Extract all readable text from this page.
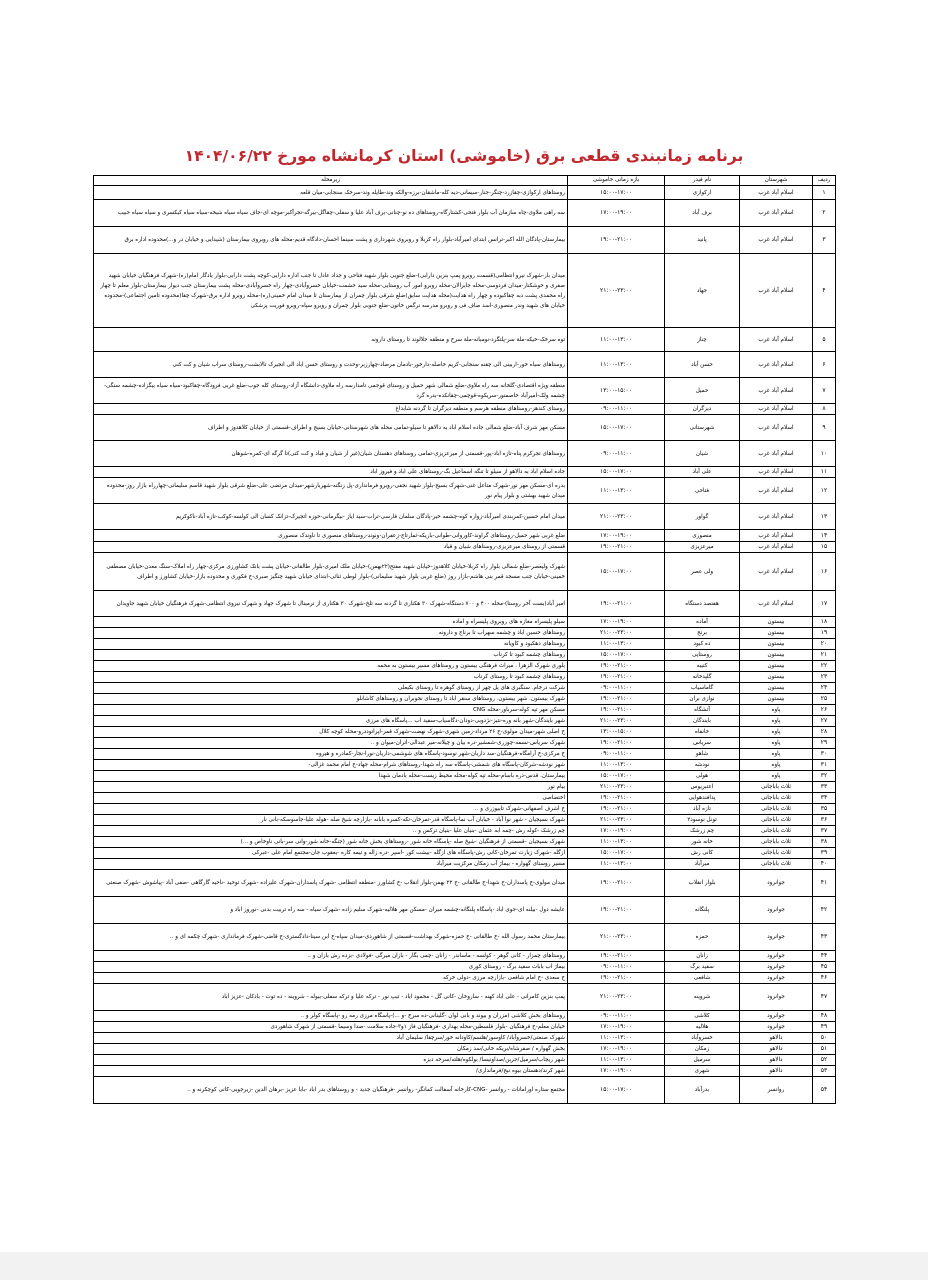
برنامه زمانبندی قطعی برق (خاموشی) استان کرمانشاه مورخ ۱۴۰۴/۰۶/۲۲
ردیف	شهرستان	نام فیدر	بازه زمانی خاموشی	زیرمحله
۱	اسلام آباد غرب	ارکوازی	۱۵:۰۰-۱۷:۰۰	روستاهای ارکوازی-چقازرد-چنگر-جنار-سیمانی-دیه کله-ماشقان-برزه-والکه وند-طایله وند-سرخک سنجابی-میان قلعه
۲	اسلام آباد غرب	برف آباد	۱۷:۰۰-۱۹:۰۰	سه راهی ملاوی-چاه سازمان آب بلوار فتحی-کشتارگاه-روستاهای ده نو-چنانی-برف آباد علیا و سفلی-چقاگل-بیرگه-تجرآکبر-موچه ای-جاف سیاه سیاه شیخه-سیاه سیاه کیکسری و سیاه سیاه حبیب
۳	اسلام آباد غرب	پانید	۱۹:۰۰-۲۱:۰۰	بیمارستان-پادگان الله اکبر-ترانس ابتدای امیرآباد-بلوار راه کربلا و روبروی شهرداری و پشت سینما احسان-دادگاه قدیم-محله های روبروی بیمارستان (شیدایی و خیابان در و...)محدوده اداره برق
۴	اسلام آباد غرب	جهاد	۲۱:۰۰-۲۳:۰۰	میدان بار-شهرک نیرو انتظامی(قسمت روبرو پمپ بنزین دارابی)-ضلع جنوبی بلوار شهید فتاحی و جداد عادل تا جنب اداره دارایی-کوچه پشت دارابی-بلوار یادگار امام(ره)-شهرک فرهنگیان خیابان شهید صفری و خوشکنار-میدان فردوسی-محله جابرالان-محله روبرو امور آب روستایی-محله سید حشمت-خیابان خسروآبادی-چهار راه خسروآبادی-محله پشت بیمارستان جنب دیوار بیمارستان-بلوار معلم تا چهار راه محمدی پشت دبه چقاکبوده و چهار راه هدایت(محله هدایت سابق)ضلع شرقی بلوار چمران از بیمارستان تا میدان امام خمینی(ره)-محله روبرو اداره برق-شهرک چقا(محدوده تامین اجتماعی)-محدوده خیابان های شهید وندر منصوری-اسد صاف فی و روبرو مدرسه نرگس خاتون-ضلع جنوبی بلوار چمران و روبرو سپاه-روبرو فوریت پزشکی
۵	اسلام آباد غرب	چناز	۱۱:۰۰-۱۳:۰۰	توه سرخک-خیکه-ملة سر-پلتگرد-نومبانه-ملة سرخ و منطقه جلالوند تا روستای دارونه
۶	اسلام آباد غرب	حسن آباد	۱۱:۰۰-۱۳:۰۰	روستاهای سیاه خور-اربینی الی چقنه سنجابی-کریم خاصله-دارخور-بادمان مرصاد-چهارزبر-وحدت و روستای حسن اباد الی انجیرک تالابشت-روستای سراب شیان و کت کنی
۷	اسلام آباد غرب	حمیل	۱۳:۰۰-۱۵:۰۰	منطقه ویژه اقتصادی-گلخانه سه راه ملاوی-ضلع شمالی شهر حمیل و روستای قوجمی تامدارسه راه ملاوی-دانشگاه آزاد-روستای کله جوب-ضلع غربی فرودگاه-چقاکبود-سیاه سیاه بیگزاده-چشمه سنگی-چشمه ولک-امیرآباد خاصمنور-سریکوه-قوچمی-چقانکده-بدره گرد
۸	اسلام آباد غرب	دیزگران	۰۹:۰۰-۱۱:۰۰	روستای کندهر-روستاهای منطقه هرسم و منطقه دیزگران تا گردنه شابداغ
۹	اسلام آباد غرب	شهرستانی	۱۵:۰۰-۱۷:۰۰	مسکن مهر شرف آباد-ضلع شمالی جاده اسلام اباد به دالاهو تا سیلو-تمامی محله های شهرستانی-خیابان بسیج و اطراف-قسمتی از خیابان کلاهدوز و اطراف
۱۰	اسلام آباد غرب	شیان	۰۹:۰۰-۱۱:۰۰	روستاهای تجرکرم پناه-تازه اباد-پور-قسمتی از میرعزیزی-تمامی روستاهای دهستان شیان(غیر از شیان و قباد و کت کنی)تا گرگه ای-کمره-شوهان
۱۱	اسلام آباد غرب	علی آباد	۱۵:۰۰-۱۷:۰۰	جاده اسلام اباد به دالاهو از سیلو تا تنگه اسماعیل بگ-روستاهای علی اباد و فیروز اباد
۱۲	اسلام آباد غرب	فتاحی	۱۱:۰۰-۱۳:۰۰	بدره ای-مسکن مهر نور-شهرک متاعل غنی-شهرک بسیج-بلوار شهید نجفی-روبرو فرمانداری-پل زنگنه-شهربارشهر-میدان مرتضی علی-ضلع شرقی بلوار شهید قاسم سلیمانی-چهارراه بازار روز-محدوده میدان شهید بهشتی و بلوار پیام نور
۱۳	اسلام آباد غرب	گواور	۲۱:۰۰-۲۳:۰۰	میدان امام حسین-کمربندی امیرآباد-زواره کوه-چشمه خیر-پادگان سلمان فارسی-تراب-سید ایاز -بیگرمانی-حوزه اتجیرک-تزانک کسان الی کولسه-کوکب-تازه آباد-ناکوکریم
۱۴	اسلام آباد غرب	منصوری	۱۷:۰۰-۱۹:۰۰	ضلع غربی شهر حمیل-روستاهای گراوند-کاوروانی-طوانی-باریکه-ثمارتاج-زعفران-ونوند-روستاهای منصوری تا ناوندک منصوری
۱۵	اسلام آباد غرب	میرعزیزی	۱۹:۰۰-۲۱:۰۰	قسمتی از روستای میرعزیزی-روستاهای شیان و قباد
۱۶	اسلام آباد غرب	ولی عصر	۱۵:۰۰-۱۷:۰۰	شهرک ولیعصر-ضلع شمالی بلوار راه کربلا-خیابان کلاهدوز-خیابان شهید مفتح(۲۲بهمن)-خیابان ملک امیری-بلوار طالقانی-خیابان پشت بانک کشاورزی مرکزی-چهار راه املاک-سنگ معدن-خیابان مصطفی خمینی-خیابان جنب مسجد قمر بنی هاشم-بازار روز (ضلع غربی بلوار شهید سلیمانی)-بلوار لوطی ثنائی-ابتدای خیابان شهید چنگیز صبری-خ فکوری و محدوده بازار-خیابان کشاورز و اطراف
۱۷	اسلام آباد غرب	هفتصد دستگاه	۱۹:۰۰-۲۱:۰۰	امیر آباد(بست آخر روستا)-محله ۴۰۰ و ۷۰۰ دستگاه-شهرک ۳۰ هکتاری تا گردنه سه تلخ-شهرک ۳۰ هکتاری از ترمینال تا شهرک جهاد و شهرک نیروی انتظامی-شهرک فرهنگیان خیابان شهید جاویدان
۱۸	بیستون	آماده	۱۷:۰۰-۱۹:۰۰	سیلو پلیسراه مغازه های روبروی پلیسراه و اماده
۱۹	بیستون	برنج	۲۱:۰۰-۲۳:۰۰	روستاهای حسین اباد و چشمه سهراب تا برناج و دارونه
۲۰	بیستون	ده کبود	۱۱:۰۰-۱۳:۰۰	روستاهای دهکبود و کاویانه
۲۱	بیستون	روستایی	۱۵:۰۰-۱۷:۰۰	روستاهای چشمه کبود تا کرناب
۲۲	بیستون	کتیبه	۱۹:۰۰-۲۱:۰۰	بلوری شهرک الزهرا . میراث فرهنگی بیستون و روستاهای مسیر بیستون به محمه
۲۳	بیستون	گلپدخانه	۱۹:۰۰-۲۱:۰۰	روستاهای چشمه کبود تا روستای کرناب
۲۴	بیستون	گاماسیاب	۰۹:۰۰-۱۱:۰۰	شرکت درخام. سنگبری های پل چهر از روستای گوهره تا روستای بکیعلی
۲۵	بیستون	نوازی بران	۱۹:۰۰-۲۱:۰۰	شهرک بیستون. شهر بیستون. روستاهای سنقر اباد تا روستای نجوبران و روستاهای کاشانلو
۲۶	پاوه	آتشگاه	۱۹:۰۰-۲۱:۰۰	مسکن مهر تپه کوله-سرباور-محله CNG
۲۷	پاوه	بایندگان	۲۱:۰۰-۲۳:۰۰	شهر بایندگان-شهر بانه وره-نتیز-نژدوبی-دودان-دگاسیاب-سفید اب ...پاسگاه های مرزی
۲۸	پاوه	خانقاه	۱۳:۰۰-۱۵:۰۰	خ اصلی شهر-میدان مولوی-خ ۲۶ مرداد-زمین شهری-شهرک نهضت-شهرک قمر-اپراتوددرو-محله کوچه کلال
۲۹	پاوه	سریاس	۱۹:۰۰-۲۱:۰۰	شهرک سریاس-نسمه-چوزری-شمشیر-دره بیان و چیلانه-میر عبدالی-اتران-میوان و ..
۳۰	پاوه	شاهو	۰۹:۰۰-۱۱:۰۰	خ مرکزی-خ آرامگاه-فرهنگیان-سد داریان-شهر نوسود-پاسگاه های شوشمی-داریان-نورا-نجار-کمادره و هیروه
۳۱	پاوه	نودشه	۱۱:۰۰-۱۳:۰۰	شهر نودشه-شرکان-پاسگاه های شمشی-پاسگاه سه راه شهدا-روستاهای شرام-محله جهاد-خ امام محمد غزالی-
۳۲	پاوه	هولی	۱۵:۰۰-۱۷:۰۰	بیمارستان. قدس-دره باسام-محله تپه کوله-محله محیط زیست-محله بادمان شهدا
۳۳	ثلاث باباجانی	اعتبریوس	۲۱:۰۰-۲۳:۰۰	بیام نور
۳۴	ثلاث باباجانی	پدافندهوایی	۱۹:۰۰-۲۱:۰۰	اختصاصی
۳۵	ثلاث باباجانی	تازه آباد	۱۹:۰۰-۲۱:۰۰	خ اشرف اصفهانی-شهرک تابیوزری و ..
۳۶	ثلاث باباجانی	تونل نوسود۲	۲۱:۰۰-۲۳:۰۰	شهرک بسیجیان - شهر نوا آباد - خیابان آب نما-پاسگاه قدر-تمرخان-تکه-کسره بابانه -بازارچه شیخ صله -هوله علیا-جاسوسکه-بانی نار
۳۷	ثلاث باباجانی	چم زرشک	۱۷:۰۰-۱۹:۰۰	چم زرشک -کوله رش -چمه ابه عثمان -بنیان علیا -بنیان ترکس و ..
۳۸	ثلاث باباجانی	خانه شور	۱۱:۰۰-۱۳:۰۰	شهرک بسیجیان -قسمتی از فرهنگیان -شیخ صله -پاسگاه خانه شور -روستاهای بخش خانه شور (جنگه-خانه شور-وانی سر-بانی ناوخاص و ...)
۳۹	ثلاث باباجانی	کانی رش	۱۵:۰۰-۱۷:۰۰	ازگله -شهرک زیارت تمرخان-کانی رش-پاسگاه های ازگله -بیشت کور -اسپر -دره زاله و تیمه کاره -یعقوب جان-مجتمع امام علی -عبرکی
۴۰	ثلاث باباجانی	میرآباد	۱۱:۰۰-۱۳:۰۰	مسیر روستای گهواره - بیماژ آب زمکان مرکزیت میرآباد
۴۱	جوانرود	بلوار انقلاب	۱۹:۰۰-۲۱:۰۰	میدان مولوی-خ پاسداران-خ شهدا-خ طالقانی -خ ۲۲ بهمن-بلوار انقلاب -خ کشاورز -منطقه انتظامی -شهرک پاسداران-شهرک علیزاده -شهرک توحید -ناحیه گارگاهی -صفی آباد -پیاشوش -شهرک صنعتی
۴۲	جوانرود	پلنگانه	۱۹:۰۰-۲۱:۰۰	عایشه دول -بیلنه ای-جوی اباد -پاسگاه پلنگانه-چشمه میران -مسکن مهر هلالیه-شهرک سلیم زاده -شهرک سیاه - سه راه تربیت بدنی -نوروز اباد و
۴۳	جوانرود	حمزه	۲۱:۰۰-۲۳:۰۰	بیمارستان محمد رسول الله -خ طالقانی -خ حمزه-شهرک بهداشت-قسمتی از شاهوردی-میدان سپاه-خ ابن سینا-دادگستری-خ قاضی-شهرک فرمانداری -شهرک چکمه ای و ..
۴۴	جوانرود	زانان	۱۹:۰۰-۲۱:۰۰	روستاهای چمزار - کانی گوهر - کولسه - ماساندر - زانان -چمی بگار - بازان میرگی -فولادی -بزده رش بازان و ..
۴۵	جوانرود	سفید برگ	۰۹:۰۰-۱۱:۰۰	بیماژ اب بابات سفید برگ - روستای کوری
۴۶	جوانرود	شافعی	۱۹:۰۰-۲۱:۰۰	خ سعدی -خ امام شافعی -بازارچه مرزی -دولی خرکه
۴۷	جوانرود	شروینه	۲۱:۰۰-۲۳:۰۰	پمپ بنزین کامرانی - علی اباد کهنه - ساروخان -کانی گل - محمود اباد - تیپ نور - ترکه علیا و ترکه سفلی-بیوله - شروینه - ده توت - بادکان -عزیز اباد
۴۸	جوانرود	کلاشی	۰۹:۰۰-۱۱:۰۰	روستاهای بخش کلاشی (مزران و بیوند و بانی لوان -گلینانی-ده سرخ -و ...)-پاسگاه مرزی رمه رو -پاسگاه کولر و ..
۴۹	جوانرود	هلالیه	۱۷:۰۰-۱۹:۰۰	خیابان معلم-خ فرهنگیان -بلوار فلسطین-محله بهداری -فرهنگیان فاز ۱و۳-جاده سلامت -صدا وسیما -قسمتی از شهرک شاهوردی
۵۰	دالاهو	خسروآباد	۱۱:۰۰-۱۳:۰۰	شهرک صنعتی/خسروآباد/ کاوسور/هلسم/کاودانه خور/سرچقا/ سلیمان آباد
۵۱	دالاهو	زمکان	۱۷:۰۰-۱۹:۰۰	بخش گهواره / صفرشاه/بریکه خانی/سد زمکان
۵۲	دالاهو	سرمیل	۱۱:۰۰-۱۳:۰۰	شهر ریجاب/سرمیل/جرین/صداونیسا/ بولکوه/هلته/سرخه دیزه
۵۳	دالاهو	شهری	۱۷:۰۰-۱۹:۰۰	شهر کرند/دهستان بیوه نیج/فرمانداری/
۵۴	روانسر	بدرآباد	۱۵:۰۰-۱۷:۰۰	مجتمع ستاره اورامانات - روانسر -CNG-کارخانه آسفالت کمانگر- روانسر -فرهنگیان جدید - و روستاهای بدر اباد -بابا عزیز -برهان الدین -زیرجوبی-کانی کوچکرنه و ..
